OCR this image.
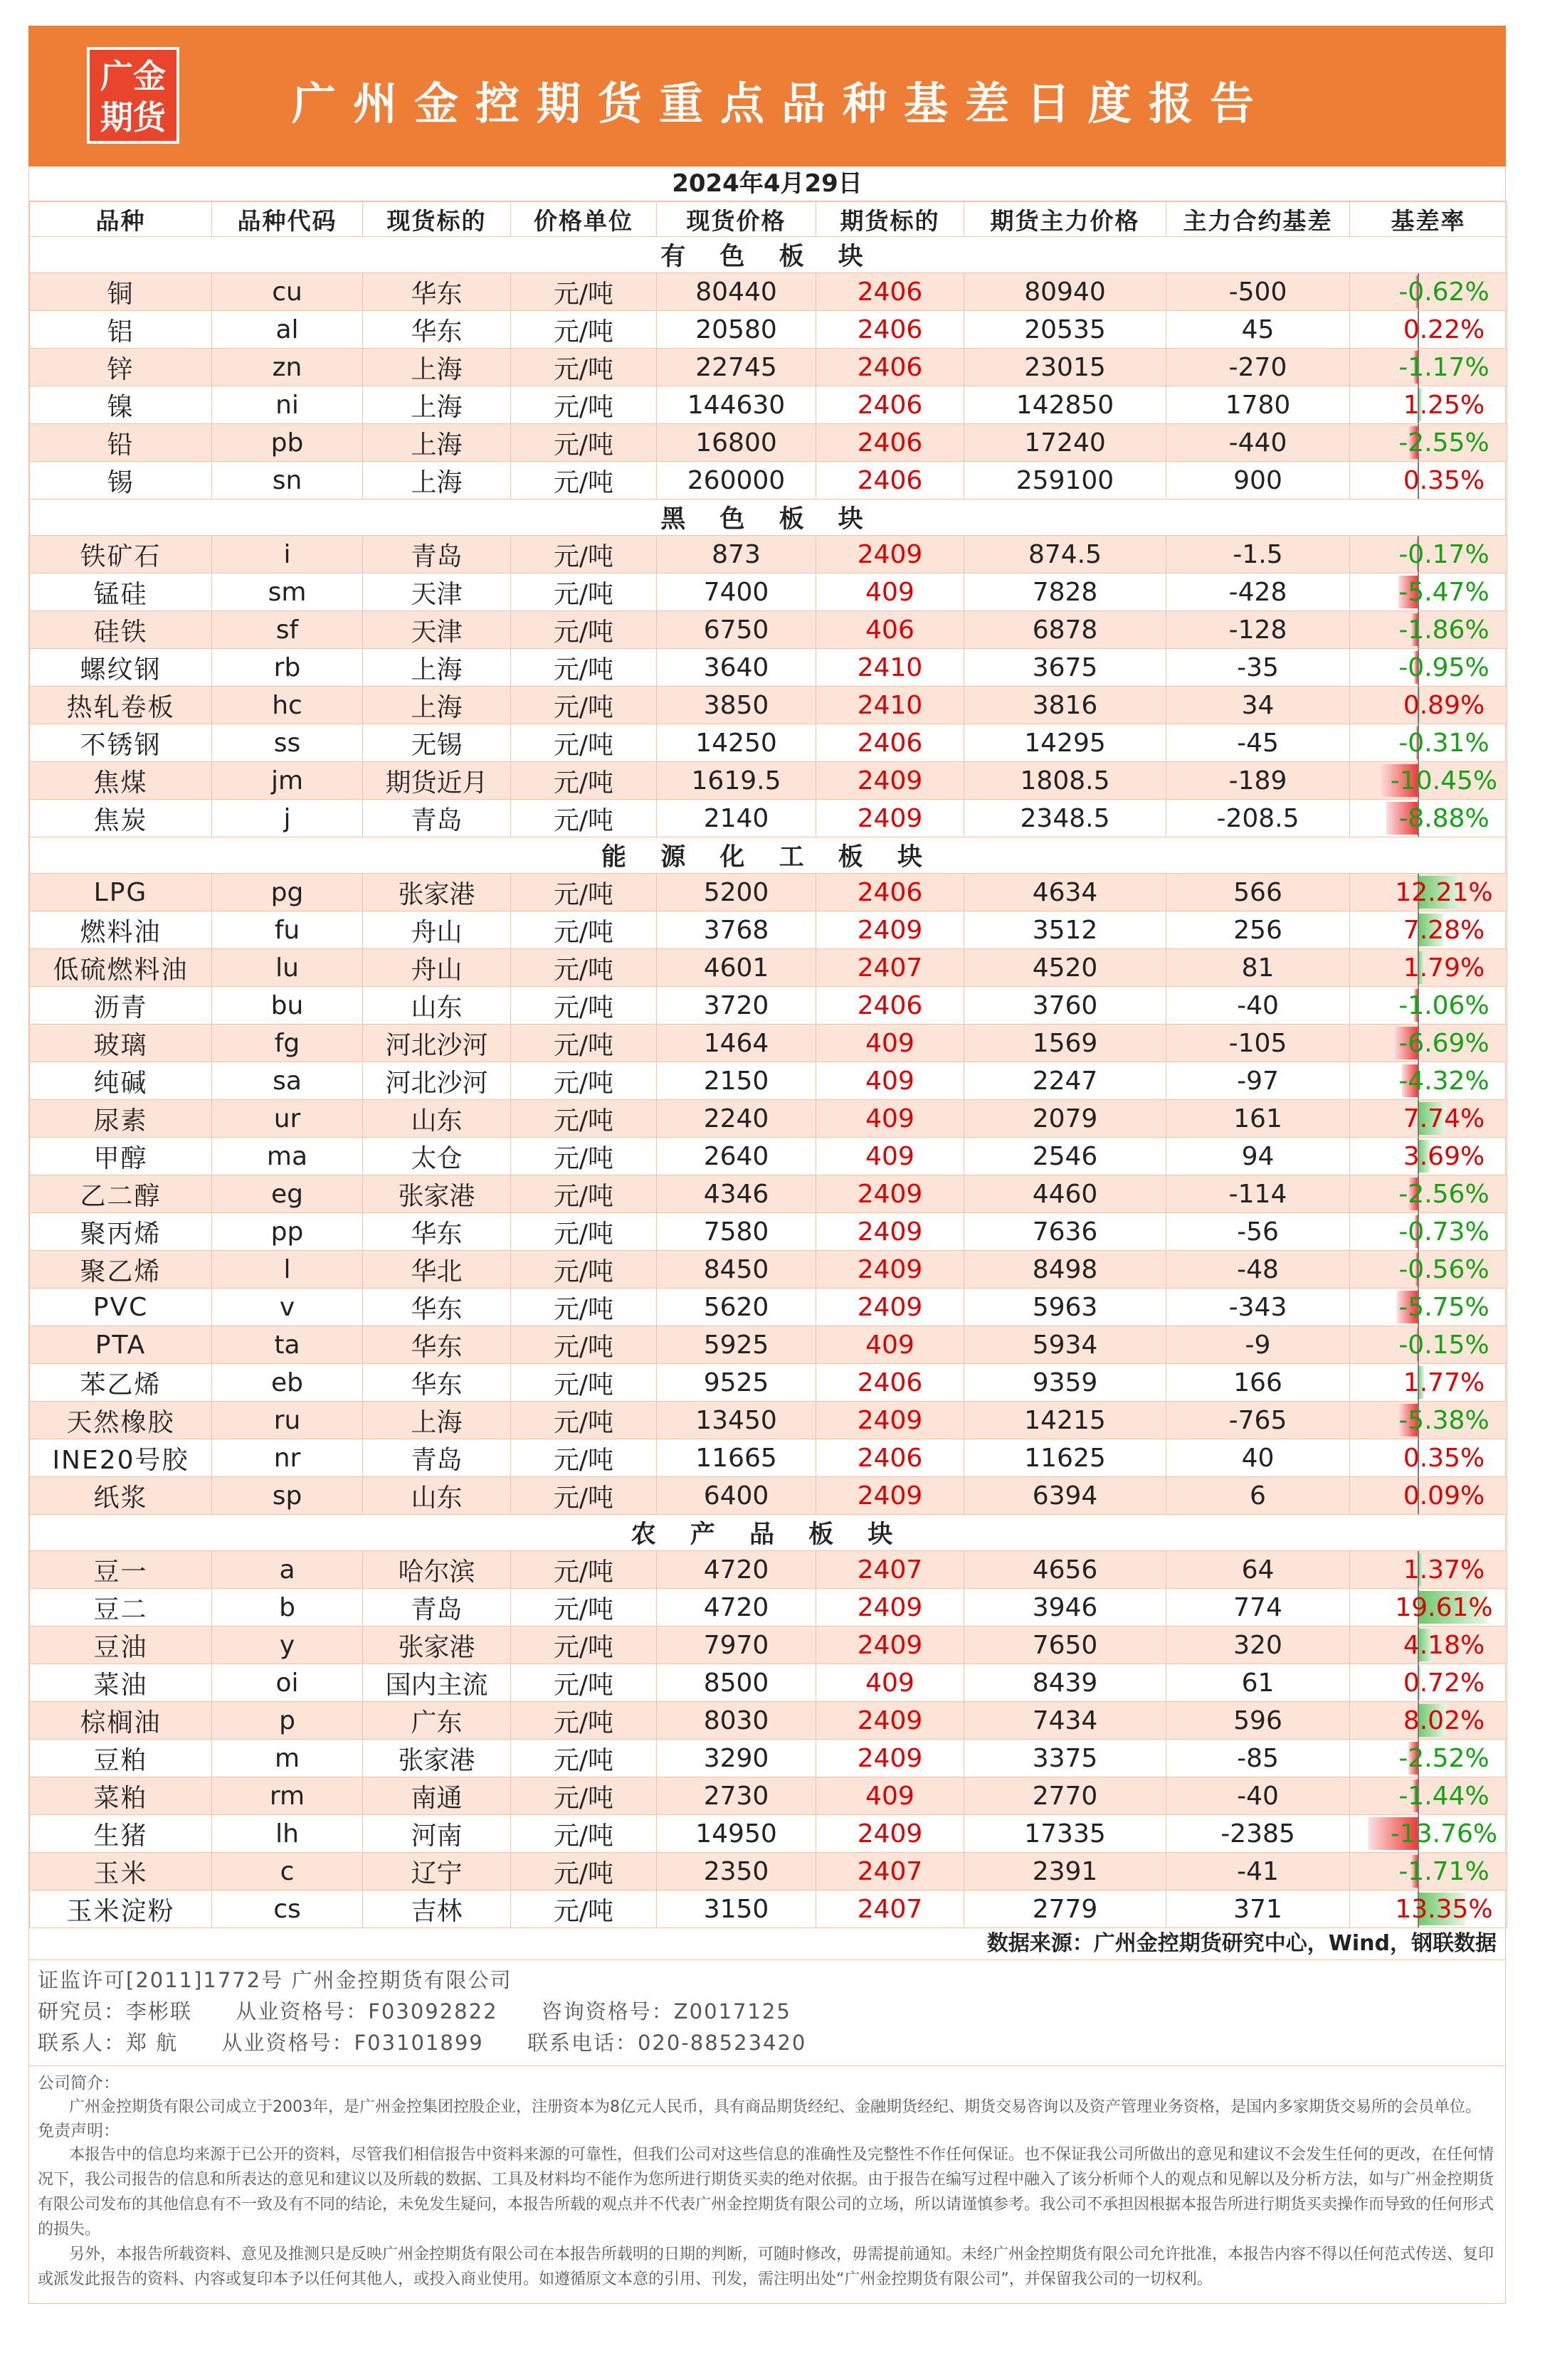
广金
期货	广州金控期货重点品种基差日度报告
2024年4月29日
品种	品种代码	现货标的	价格单位	现货价格	期货标的	期货主力价格	主力合约基差	基差率
有 色 板 块								
铜	cu	华东	元/吨	80440	2406	80940	-500	-0.62%
铝	al	华东	元/吨	20580	2406	20535	45	0.22%
锌	zn	上海	元/吨	22745	2406	23015	-270	-1.17%
镍	ni	上海	元/吨	144630	2406	142850	1780	1.25%
铅	pb	上海	元/吨	16800	2406	17240	-440	-2.55%
锡	sn	上海	元/吨	260000	2406	259100	900	0.35%
黑 色 板 块								
铁矿石	i	青岛	元/吨	873	2409	874.5	-1.5	-0.17%
锰硅	sm	天津	元/吨	7400	409	7828	-428	-5.47%
硅铁	sf	天津	元/吨	6750	406	6878	-128	-1.86%
螺纹钢	rb	上海	元/吨	3640	2410	3675	-35	-0.95%
热轧卷板	hc	上海	元/吨	3850	2410	3816	34	0.89%
不锈钢	ss	无锡	元/吨	14250	2406	14295	-45	-0.31%
焦煤	jm	期货近月	元/吨	1619.5	2409	1808.5	-189	-10.45%
焦炭	j	青岛	元/吨	2140	2409	2348.5	-208.5	-8.88%
能 源 化 工 板 块								
LPG	pg	张家港	元/吨	5200	2406	4634	566	12.21%
燃料油	fu	舟山	元/吨	3768	2409	3512	256	7.28%
低硫燃料油	lu	舟山	元/吨	4601	2407	4520	81	1.79%
沥青	bu	山东	元/吨	3720	2406	3760	-40	-1.06%
玻璃	fg	河北沙河	元/吨	1464	409	1569	-105	-6.69%
纯碱	sa	河北沙河	元/吨	2150	409	2247	-97	-4.32%
尿素	ur	山东	元/吨	2240	409	2079	161	7.74%
甲醇	ma	太仓	元/吨	2640	409	2546	94	3.69%
乙二醇	eg	张家港	元/吨	4346	2409	4460	-114	-2.56%
聚丙烯	pp	华东	元/吨	7580	2409	7636	-56	-0.73%
聚乙烯	l	华北	元/吨	8450	2409	8498	-48	-0.56%
PVC	v	华东	元/吨	5620	2409	5963	-343	-5.75%
PTA	ta	华东	元/吨	5925	409	5934	-9	-0.15%
苯乙烯	eb	华东	元/吨	9525	2406	9359	166	1.77%
天然橡胶	ru	上海	元/吨	13450	2409	14215	-765	-5.38%
INE20号胶	nr	青岛	元/吨	11665	2406	11625	40	0.35%
纸浆	sp	山东	元/吨	6400	2409	6394	6	0.09%
农 产 品 板 块								
豆一	a	哈尔滨	元/吨	4720	2407	4656	64	1.37%
豆二	b	青岛	元/吨	4720	2409	3946	774	19.61%
豆油	y	张家港	元/吨	7970	2409	7650	320	4.18%
菜油	oi	国内主流	元/吨	8500	409	8439	61	0.72%
棕榈油	p	广东	元/吨	8030	2409	7434	596	8.02%
豆粕	m	张家港	元/吨	3290	2409	3375	-85	-2.52%
菜粕	rm	南通	元/吨	2730	409	2770	-40	-1.44%
生猪	lh	河南	元/吨	14950	2409	17335	-2385	-13.76%
玉米	c	辽宁	元/吨	2350	2407	2391	-41	-1.71%
玉米淀粉	cs	吉林	元/吨	3150	2407	2779	371	13.35%
数据来源：广州金控期货研究中心，Wind，钢联数据
证监许可[2011]1772号 广州金控期货有限公司
研究员：李彬联 从业资格号：F03092822 咨询资格号：Z0017125
联系人：郑 航 从业资格号：F03101899 联系电话：020-88523420
公司简介：

广州金控期货有限公司成立于2003年，是广州金控集团控股企业，注册资本为8亿元人民币，具有商品期货经纪、金融期货经纪、期货交易咨询以及资产管理业务资格，是国内多家期货交易所的会员单位。

免责声明：

本报告中的信息均来源于已公开的资料，尽管我们相信报告中资料来源的可靠性，但我们公司对这些信息的准确性及完整性不作任何保证。也不保证我公司所做出的意见和建议不会发生任何的更改，在任何情况下，我公司报告的信息和所表达的意见和建议以及所载的数据、工具及材料均不能作为您所进行期货买卖的绝对依据。由于报告在编写过程中融入了该分析师个人的观点和见解以及分析方法，如与广州金控期货有限公司发布的其他信息有不一致及有不同的结论，未免发生疑问，本报告所载的观点并不代表广州金控期货有限公司的立场，所以请谨慎参考。我公司不承担因根据本报告所进行期货买卖操作而导致的任何形式的损失。

另外，本报告所载资料、意见及推测只是反映广州金控期货有限公司在本报告所载明的日期的判断，可随时修改，毋需提前通知。未经广州金控期货有限公司允许批准，本报告内容不得以任何范式传送、复印或派发此报告的资料、内容或复印本予以任何其他人，或投入商业使用。如遵循原文本意的引用、刊发，需注明出处“广州金控期货有限公司”，并保留我公司的一切权利。
